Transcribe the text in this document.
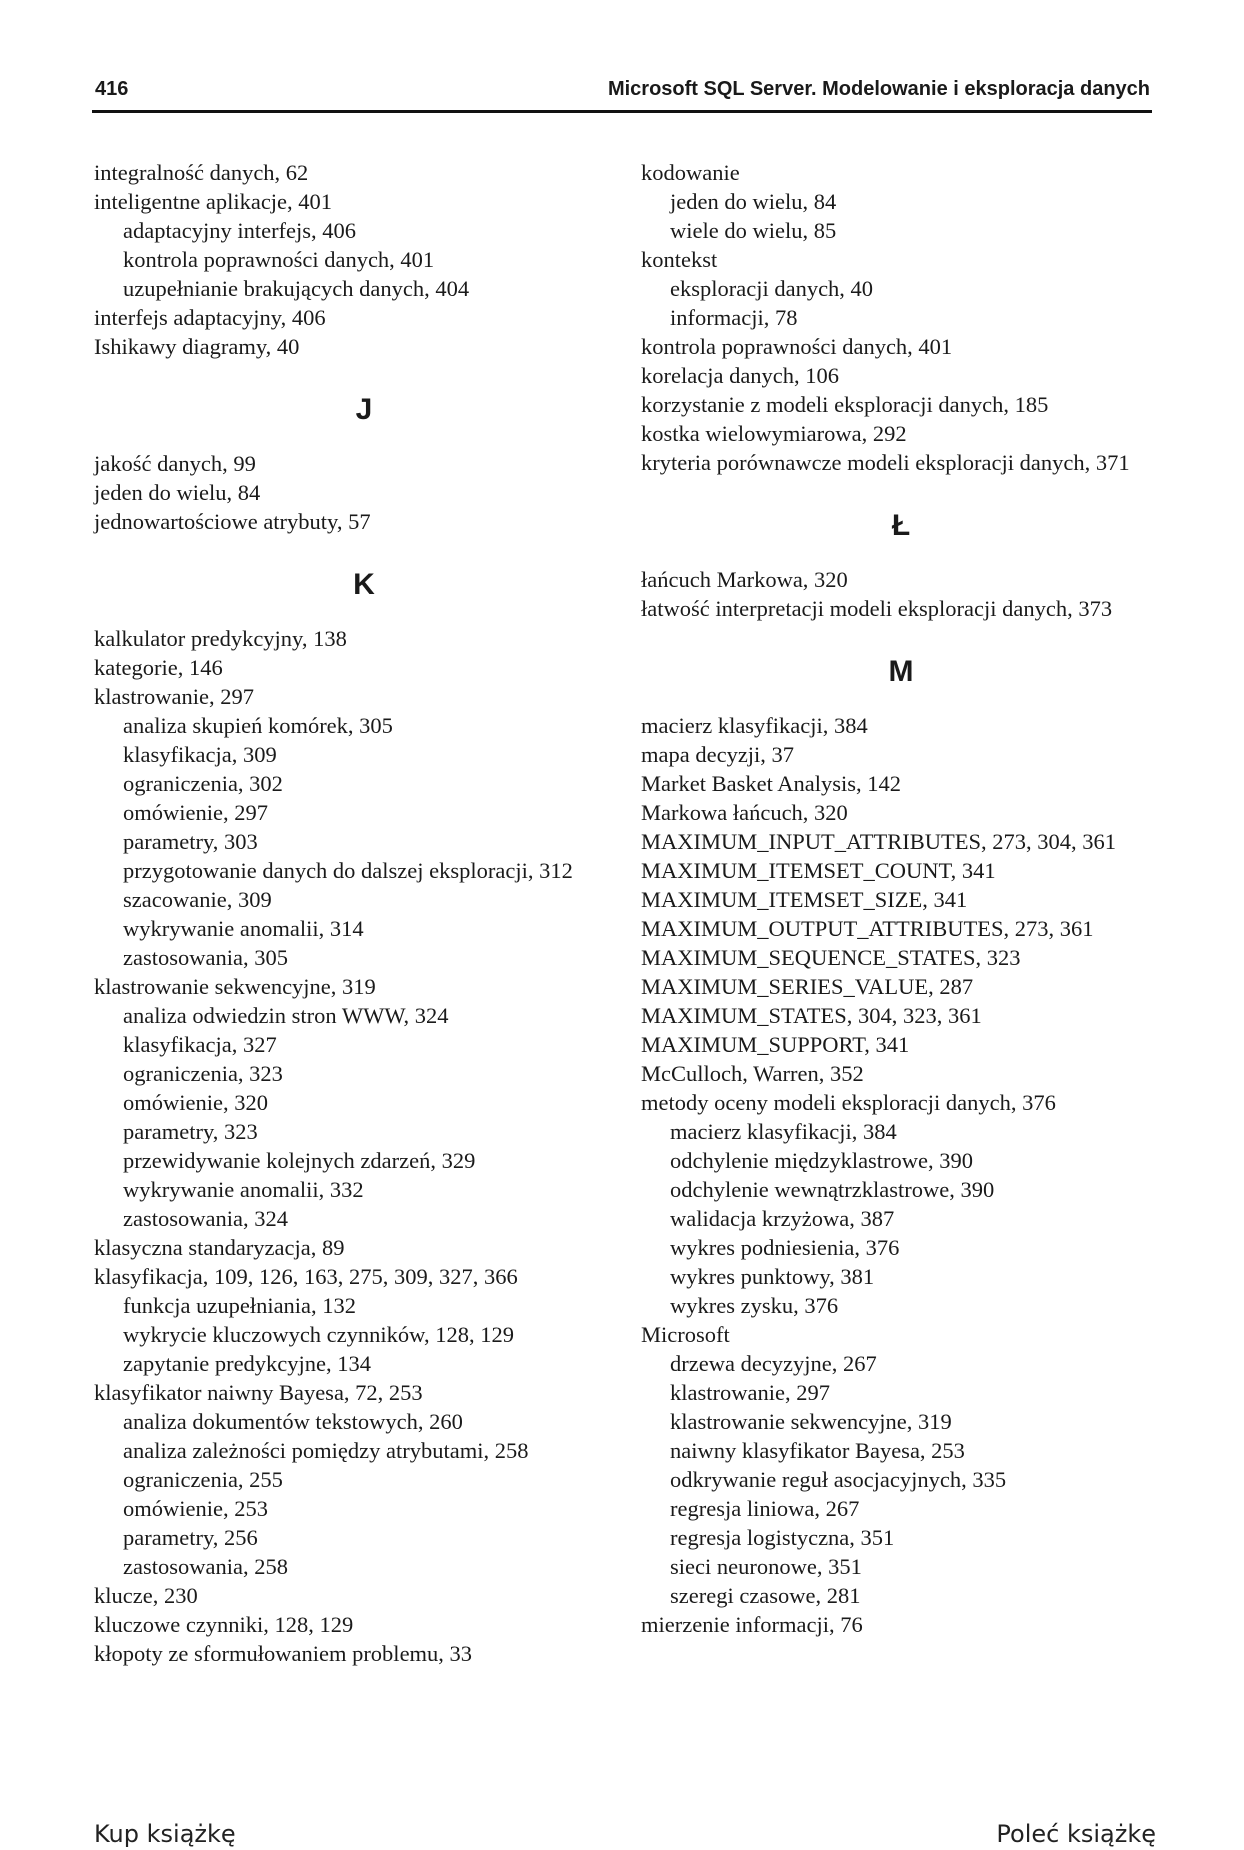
416	Microsoft SQL Server. Modelowanie i eksploracja danych
integralność danych, 62
inteligentne aplikacje, 401
adaptacyjny interfejs, 406
kontrola poprawności danych, 401
uzupełnianie brakujących danych, 404
interfejs adaptacyjny, 406
Ishikawy diagramy, 40
J
jakość danych, 99
jeden do wielu, 84
jednowartościowe atrybuty, 57
K
kalkulator predykcyjny, 138
kategorie, 146
klastrowanie, 297
analiza skupień komórek, 305
klasyfikacja, 309
ograniczenia, 302
omówienie, 297
parametry, 303
przygotowanie danych do dalszej eksploracji, 312
szacowanie, 309
wykrywanie anomalii, 314
zastosowania, 305
klastrowanie sekwencyjne, 319
analiza odwiedzin stron WWW, 324
klasyfikacja, 327
ograniczenia, 323
omówienie, 320
parametry, 323
przewidywanie kolejnych zdarzeń, 329
wykrywanie anomalii, 332
zastosowania, 324
klasyczna standaryzacja, 89
klasyfikacja, 109, 126, 163, 275, 309, 327, 366
funkcja uzupełniania, 132
wykrycie kluczowych czynników, 128, 129
zapytanie predykcyjne, 134
klasyfikator naiwny Bayesa, 72, 253
analiza dokumentów tekstowych, 260
analiza zależności pomiędzy atrybutami, 258
ograniczenia, 255
omówienie, 253
parametry, 256
zastosowania, 258
klucze, 230
kluczowe czynniki, 128, 129
kłopoty ze sformułowaniem problemu, 33
kodowanie
jeden do wielu, 84
wiele do wielu, 85
kontekst
eksploracji danych, 40
informacji, 78
kontrola poprawności danych, 401
korelacja danych, 106
korzystanie z modeli eksploracji danych, 185
kostka wielowymiarowa, 292
kryteria porównawcze modeli eksploracji danych, 371
Ł
łańcuch Markowa, 320
łatwość interpretacji modeli eksploracji danych, 373
M
macierz klasyfikacji, 384
mapa decyzji, 37
Market Basket Analysis, 142
Markowa łańcuch, 320
MAXIMUM_INPUT_ATTRIBUTES, 273, 304, 361
MAXIMUM_ITEMSET_COUNT, 341
MAXIMUM_ITEMSET_SIZE, 341
MAXIMUM_OUTPUT_ATTRIBUTES, 273, 361
MAXIMUM_SEQUENCE_STATES, 323
MAXIMUM_SERIES_VALUE, 287
MAXIMUM_STATES, 304, 323, 361
MAXIMUM_SUPPORT, 341
McCulloch, Warren, 352
metody oceny modeli eksploracji danych, 376
macierz klasyfikacji, 384
odchylenie międzyklastrowe, 390
odchylenie wewnątrzklastrowe, 390
walidacja krzyżowa, 387
wykres podniesienia, 376
wykres punktowy, 381
wykres zysku, 376
Microsoft
drzewa decyzyjne, 267
klastrowanie, 297
klastrowanie sekwencyjne, 319
naiwny klasyfikator Bayesa, 253
odkrywanie reguł asocjacyjnych, 335
regresja liniowa, 267
regresja logistyczna, 351
sieci neuronowe, 351
szeregi czasowe, 281
mierzenie informacji, 76
Kup książkę	Poleć książkę
